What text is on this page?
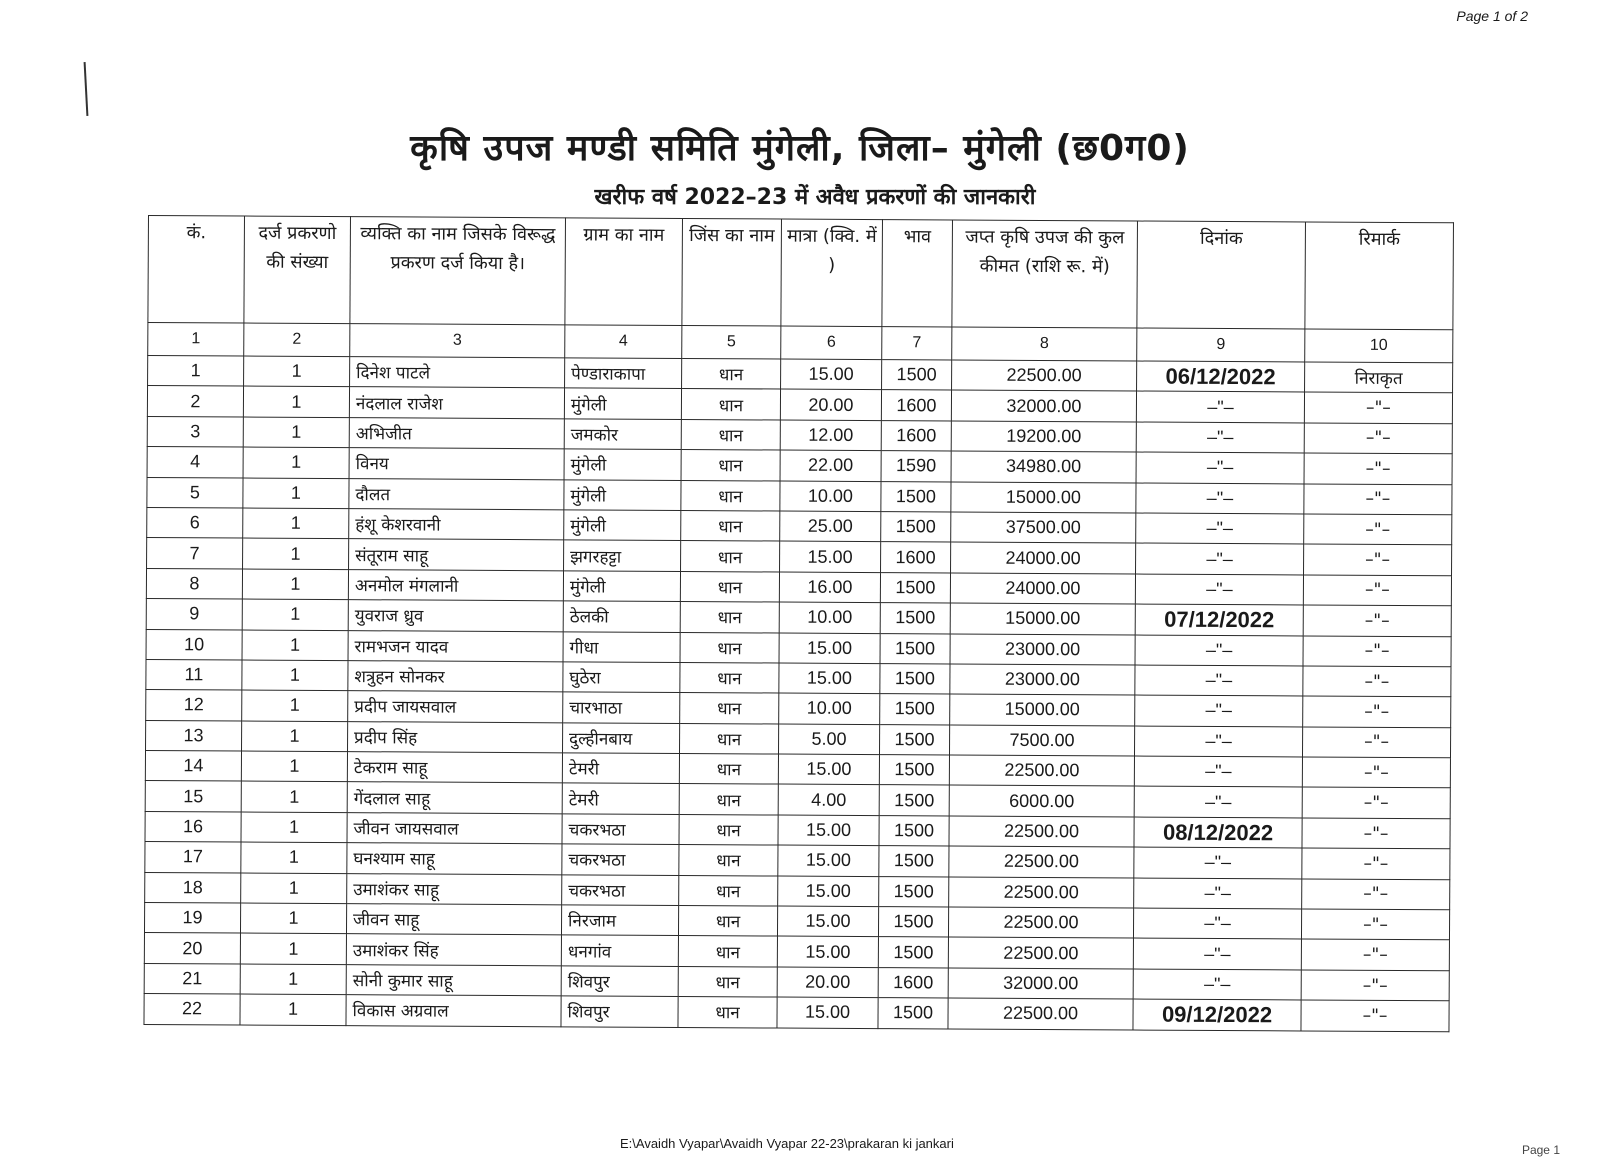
Page 1 of 2
कृषि उपज मण्डी समिति मुंगेली, जिला– मुंगेली (छ0ग0)
खरीफ वर्ष 2022–23 में अवैध प्रकरणों की जानकारी
कं.	दर्ज प्रकरणो की संख्या	व्यक्ति का नाम जिसके विरूद्ध प्रकरण दर्ज किया है।	ग्राम का नाम	जिंस का नाम	मात्रा (क्वि. में )	भाव	जप्त कृषि उपज की कुल कीमत (राशि रू. में)	दिनांक	रिमार्क
1	2	3	4	5	6	7	8	9	10
1	1	दिनेश पाटले	पेण्डाराकापा	धान	15.00	1500	22500.00	06/12/2022	निराकृत
2	1	नंदलाल राजेश	मुंगेली	धान	20.00	1600	32000.00	–"–	–"–
3	1	अभिजीत	जमकोर	धान	12.00	1600	19200.00	–"–	–"–
4	1	विनय	मुंगेली	धान	22.00	1590	34980.00	–"–	–"–
5	1	दौलत	मुंगेली	धान	10.00	1500	15000.00	–"–	–"–
6	1	हंशू केशरवानी	मुंगेली	धान	25.00	1500	37500.00	–"–	–"–
7	1	संतूराम साहू	झगरहट्टा	धान	15.00	1600	24000.00	–"–	–"–
8	1	अनमोल मंगलानी	मुंगेली	धान	16.00	1500	24000.00	–"–	–"–
9	1	युवराज ध्रुव	ठेलकी	धान	10.00	1500	15000.00	07/12/2022	–"–
10	1	रामभजन यादव	गीधा	धान	15.00	1500	23000.00	–"–	–"–
11	1	शत्रुहन सोनकर	घुठेरा	धान	15.00	1500	23000.00	–"–	–"–
12	1	प्रदीप जायसवाल	चारभाठा	धान	10.00	1500	15000.00	–"–	–"–
13	1	प्रदीप सिंह	दुल्हीनबाय	धान	5.00	1500	7500.00	–"–	–"–
14	1	टेकराम साहू	टेमरी	धान	15.00	1500	22500.00	–"–	–"–
15	1	गेंदलाल साहू	टेमरी	धान	4.00	1500	6000.00	–"–	–"–
16	1	जीवन जायसवाल	चकरभठा	धान	15.00	1500	22500.00	08/12/2022	–"–
17	1	घनश्याम साहू	चकरभठा	धान	15.00	1500	22500.00	–"–	–"–
18	1	उमाशंकर साहू	चकरभठा	धान	15.00	1500	22500.00	–"–	–"–
19	1	जीवन साहू	निरजाम	धान	15.00	1500	22500.00	–"–	–"–
20	1	उमाशंकर सिंह	धनगांव	धान	15.00	1500	22500.00	–"–	–"–
21	1	सोनी कुमार साहू	शिवपुर	धान	20.00	1600	32000.00	–"–	–"–
22	1	विकास अग्रवाल	शिवपुर	धान	15.00	1500	22500.00	09/12/2022	–"–
E:\Avaidh Vyapar\Avaidh Vyapar 22-23\prakaran ki jankari	Page 1
